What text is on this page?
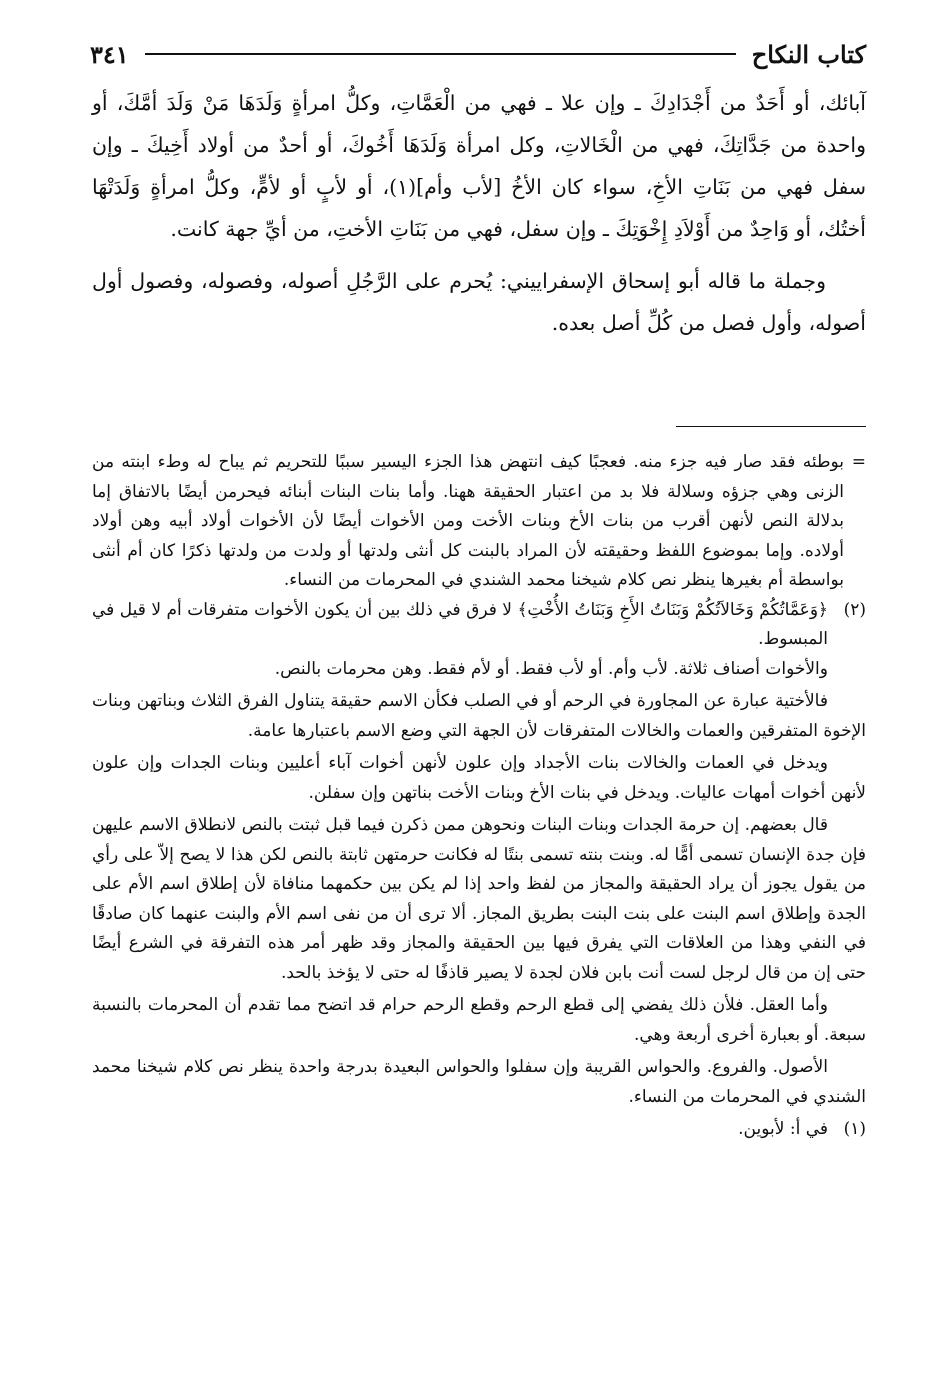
كتاب النكاح
٣٤١

آبائك، أو أَحَدٌ من أَجْدَادِكَ ـ وإن علا ـ فهي من الْعَمَّاتِ، وكلُّ امرأةٍ وَلَدَهَا مَنْ وَلَدَ أمَّكَ، أو واحدة من جَدَّاتِكَ، فهي من الْخَالاتِ، وكل امرأة وَلَدَهَا أَخُوكَ، أو أحدٌ من أولاد أَخِيكَ ـ وإن سفل فهي من بَنَاتِ الأخِ، سواء كان الأخُ [لأب وأم](١)، أو لأبٍ أو لأمٍّ، وكلُّ امرأةٍ وَلَدَتْهَا أختُك، أو وَاحِدٌ من أَوْلاَدِ إِخْوَتِكَ ـ وإن سفل، فهي من بَنَاتِ الأختِ، من أيِّ جهة كانت.

وجملة ما قاله أبو إسحاق الإسفراييني: يُحرم على الرَّجُلِ أصوله، وفصوله، وفصول أول أصوله، وأول فصل من كُلِّ أصل بعده.

=
بوطئه فقد صار فيه جزء منه. فعجبًا كيف انتهض هذا الجزء اليسير سببًا للتحريم ثم يباح له وطء ابنته من الزنى وهي جزؤه وسلالة فلا بد من اعتبار الحقيقة ههنا. وأما بنات البنات أبنائه فيحرمن أيضًا بالاتفاق إما بدلالة النص لأنهن أقرب من بنات الأخ وبنات الأخت ومن الأخوات أيضًا لأن الأخوات أولاد أبيه وهن أولاد أولاده. وإما بموضوع اللفظ وحقيقته لأن المراد بالبنت كل أنثى ولدتها أو ولدت من ولدتها ذكرًا كان أم أنثى بواسطة أم بغيرها ينظر نص كلام شيخنا محمد الشندي في المحرمات من النساء.
(٢)
﴿وَعَمَّاتُكُمْ وَخَالاَتُكُمْ وَبَنَاتُ الأَخِ وَبَنَاتُ الأُخْتِ﴾ لا فرق في ذلك بين أن يكون الأخوات متفرقات أم لا قيل في المبسوط.

والأخوات أصناف ثلاثة. لأب وأم. أو لأب فقط. أو لأم فقط. وهن محرمات بالنص.

فالأختية عبارة عن المجاورة في الرحم أو في الصلب فكأن الاسم حقيقة يتناول الفرق الثلاث وبناتهن وبنات الإخوة المتفرقين والعمات والخالات المتفرقات لأن الجهة التي وضع الاسم باعتبارها عامة.

ويدخل في العمات والخالات بنات الأجداد وإن علون لأنهن أخوات آباء أعليين وبنات الجدات وإن علون لأنهن أخوات أمهات عاليات. ويدخل في بنات الأخ وبنات الأخت بناتهن وإن سفلن.

قال بعضهم. إن حرمة الجدات وبنات البنات ونحوهن ممن ذكرن فيما قبل ثبتت بالنص لانطلاق الاسم عليهن فإن جدة الإنسان تسمى أمًّا له. وبنت بنته تسمى بنتًا له فكانت حرمتهن ثابتة بالنص لكن هذا لا يصح إلاّ على رأي من يقول يجوز أن يراد الحقيقة والمجاز من لفظ واحد إذا لم يكن بين حكمهما منافاة لأن إطلاق اسم الأم على الجدة وإطلاق اسم البنت على بنت البنت بطريق المجاز. ألا ترى أن من نفى اسم الأم والبنت عنهما كان صادقًا في النفي وهذا من العلاقات التي يفرق فيها بين الحقيقة والمجاز وقد ظهر أمر هذه التفرقة في الشرع أيضًا حتى إن من قال لرجل لست أنت بابن فلان لجدة لا يصير قاذفًا له حتى لا يؤخذ بالحد.

وأما العقل. فلأن ذلك يفضي إلى قطع الرحم وقطع الرحم حرام قد اتضح مما تقدم أن المحرمات بالنسبة سبعة. أو بعبارة أخرى أربعة وهي.

الأصول. والفروع. والحواس القريبة وإن سفلوا والحواس البعيدة بدرجة واحدة ينظر نص كلام شيخنا محمد الشندي في المحرمات من النساء.

(١)
في أ: لأبوين.
